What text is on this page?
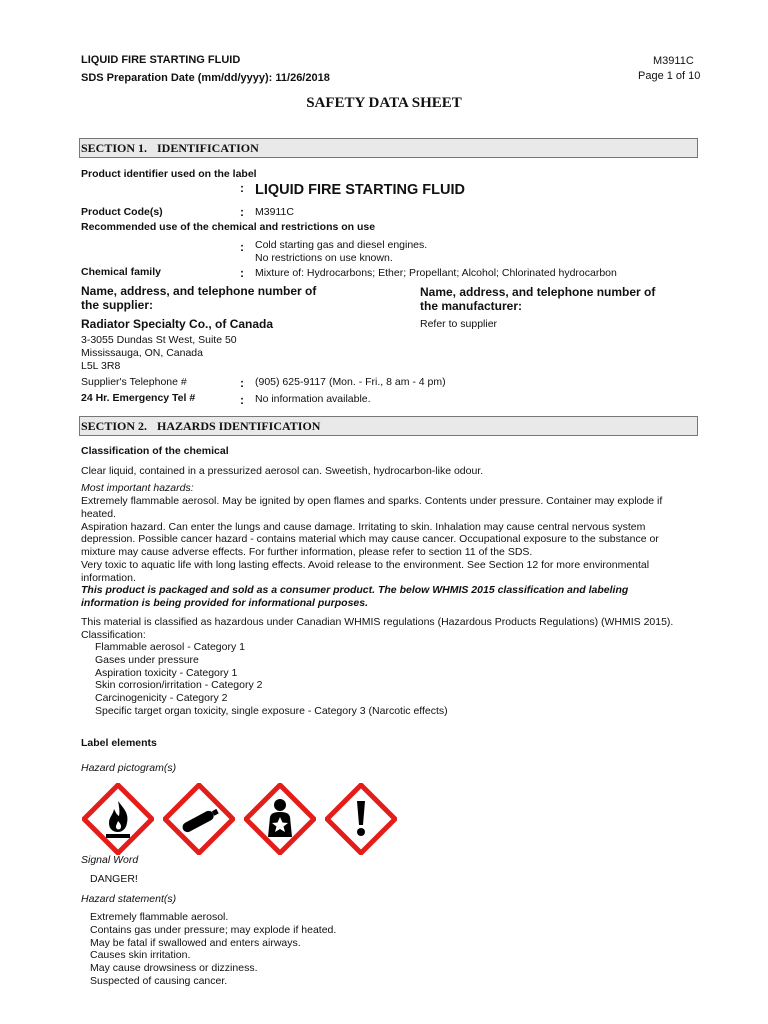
LIQUID FIRE STARTING FLUID
SDS Preparation Date (mm/dd/yyyy): 11/26/2018
M3911C
Page 1 of 10
SAFETY DATA SHEET
SECTION 1. IDENTIFICATION
Product identifier used on the label
: LIQUID FIRE STARTING FLUID
Product Code(s)	: M3911C
Recommended use of the chemical and restrictions on use
: Cold starting gas and diesel engines.
No restrictions on use known.
Chemical family	: Mixture of: Hydrocarbons; Ether; Propellant; Alcohol; Chlorinated hydrocarbon
Name, address, and telephone number of
the supplier:
Name, address, and telephone number of
the manufacturer:
Radiator Specialty Co., of Canada	Refer to supplier
3-3055 Dundas St West, Suite 50
Mississauga, ON, Canada
L5L 3R8
Supplier's Telephone #	: (905) 625-9117 (Mon. - Fri., 8 am - 4 pm)
24 Hr. Emergency Tel #	: No information available.
SECTION 2. HAZARDS IDENTIFICATION
Classification of the chemical
Clear liquid, contained in a pressurized aerosol can. Sweetish, hydrocarbon-like odour.
Most important hazards:
Extremely flammable aerosol. May be ignited by open flames and sparks. Contents under pressure. Container may explode if
heated.
Aspiration hazard. Can enter the lungs and cause damage. Irritating to skin. Inhalation may cause central nervous system
depression. Possible cancer hazard - contains material which may cause cancer. Occupational exposure to the substance or
mixture may cause adverse effects. For further information, please refer to section 11 of the SDS.
Very toxic to aquatic life with long lasting effects. Avoid release to the environment. See Section 12 for more environmental
information.
This product is packaged and sold as a consumer product. The below WHMIS 2015 classification and labeling
information is being provided for informational purposes.
This material is classified as hazardous under Canadian WHMIS regulations (Hazardous Products Regulations) (WHMIS 2015).
Classification:
Flammable aerosol - Category 1
Gases under pressure
Aspiration toxicity - Category 1
Skin corrosion/irritation - Category 2
Carcinogenicity - Category 2
Specific target organ toxicity, single exposure - Category 3 (Narcotic effects)
Label elements
Hazard pictogram(s)
Signal Word
DANGER!
Hazard statement(s)
Extremely flammable aerosol.
Contains gas under pressure; may explode if heated.
May be fatal if swallowed and enters airways.
Causes skin irritation.
May cause drowsiness or dizziness.
Suspected of causing cancer.
